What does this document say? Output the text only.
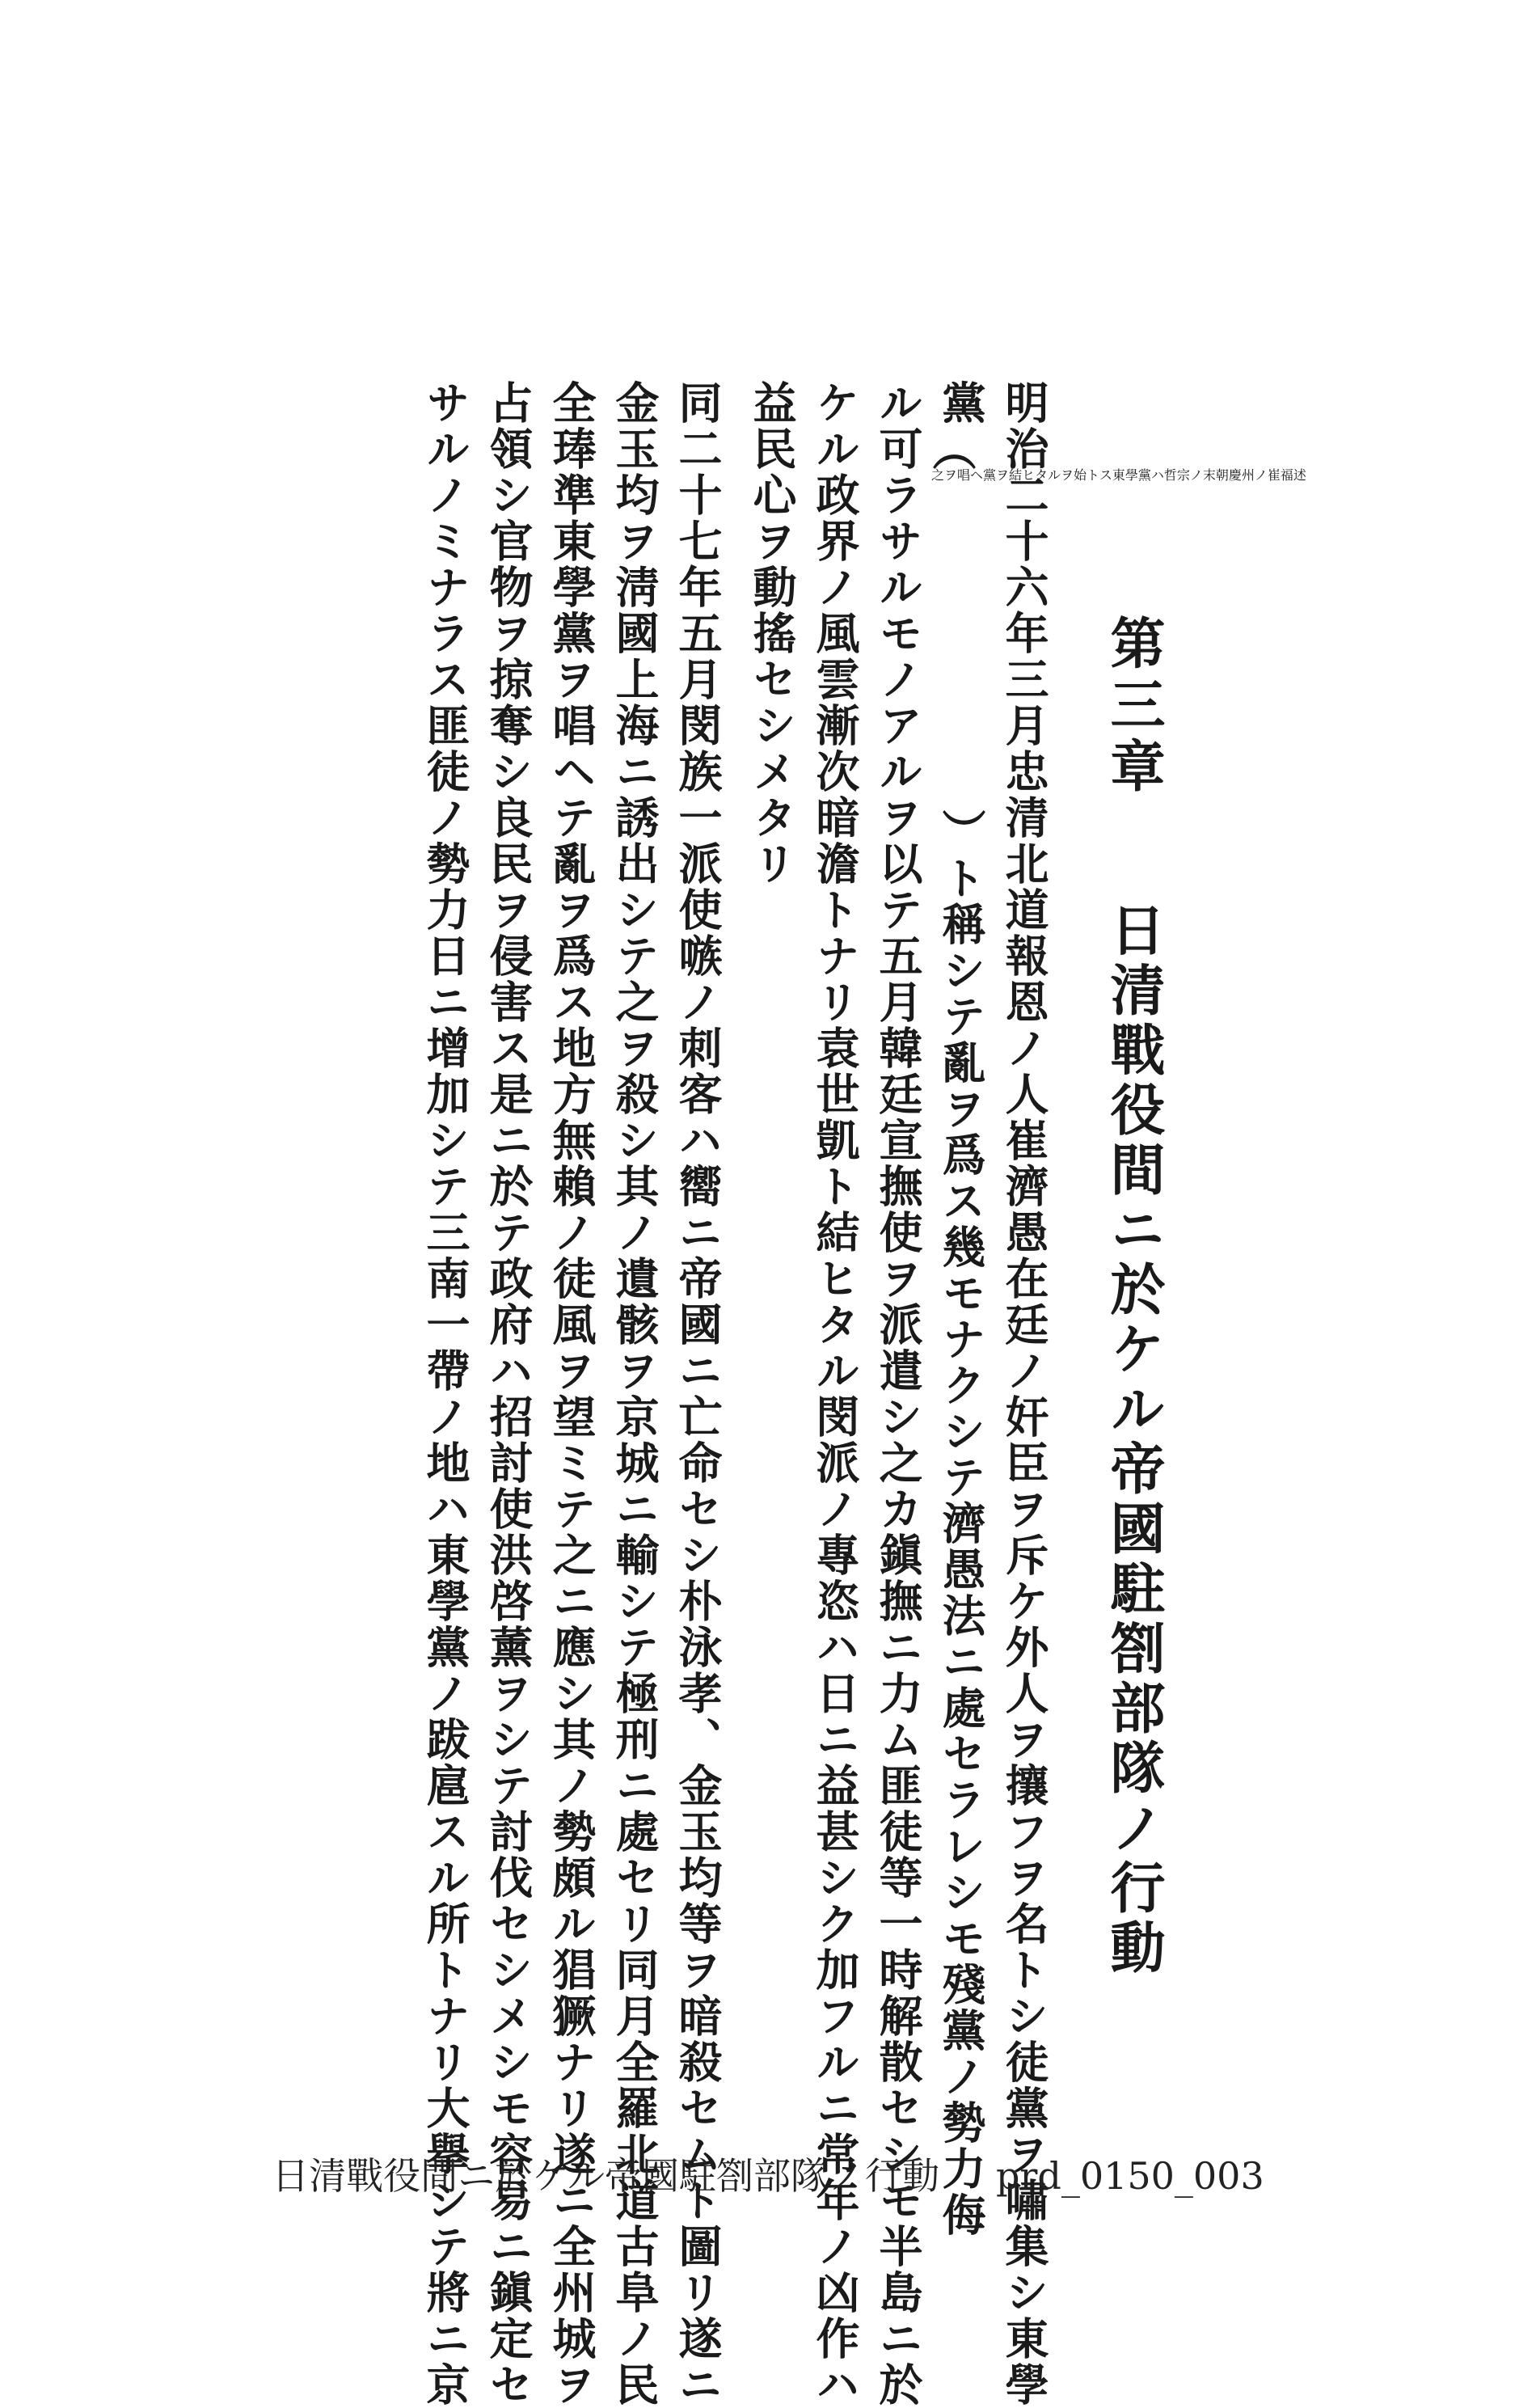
第三章
日清戰役間ニ於ケル帝國駐劄部隊ノ行動
明治二十六年三月忠清北道報恩ノ人崔濟愚在廷ノ奸臣ヲ斥ケ外人ヲ攘フヲ名トシ徒黨ヲ嘯集シ東學
黨
（
東學黨ハ哲宗ノ末朝慶州ノ崔福述
之ヲ唱ヘ黨ヲ結ヒタルヲ始トス
）
ト稱シテ亂ヲ爲ス幾モナクシテ濟愚法ニ處セラレシモ殘黨ノ勢力侮
ル可ラサルモノアルヲ以テ五月韓廷宣撫使ヲ派遣シ之カ鎭撫ニ力ム匪徒等一時解散セシモ半島ニ於
ケル政界ノ風雲漸次暗澹トナリ袁世凱ト結ヒタル閔派ノ專恣ハ日ニ益甚シク加フルニ常年ノ凶作ハ
益民心ヲ動搖セシメタリ
同二十七年五月閔族一派使嗾ノ刺客ハ嚮ニ帝國ニ亡命セシ朴泳孝、金玉均等ヲ暗殺セムト圖リ遂ニ
金玉均ヲ淸國上海ニ誘出シテ之ヲ殺シ其ノ遺骸ヲ京城ニ輸シテ極刑ニ處セリ同月全羅北道古阜ノ民
全琫準東學黨ヲ唱ヘテ亂ヲ爲ス地方無賴ノ徒風ヲ望ミテ之ニ應シ其ノ勢頗ル猖獗ナリ遂ニ全州城ヲ
占領シ官物ヲ掠奪シ良民ヲ侵害ス是ニ於テ政府ハ招討使洪啓薰ヲシテ討伐セシメシモ容易ニ鎭定セ
サルノミナラス匪徒ノ勢力日ニ增加シテ三南一帶ノ地ハ東學黨ノ跋扈スル所トナリ大擧シテ將ニ京
日清戰役間ニ於ケル帝國駐劄部隊ノ行動 prd_0150_003
